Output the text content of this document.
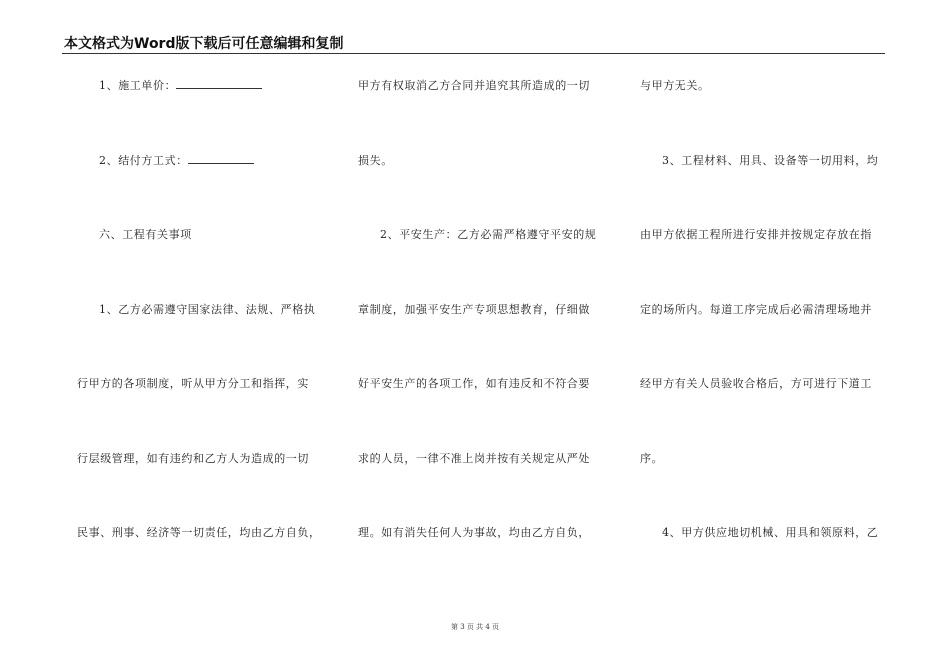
本文格式为Word版下载后可任意编辑和复制
1、施工单价：
2、结付方工式：
六、工程有关事项
1、乙方必需遵守国家法律、法规、严格执
行甲方的各项制度，听从甲方分工和指挥，实
行层级管理，如有违约和乙方人为造成的一切
民事、刑事、经济等一切责任，均由乙方自负，
甲方有权取消乙方合同并追究其所造成的一切
损失。
2、平安生产：乙方必需严格遵守平安的规
章制度，加强平安生产专项思想教育，仔细做
好平安生产的各项工作，如有违反和不符合要
求的人员，一律不准上岗并按有关规定从严处
理。如有消失任何人为事故，均由乙方自负，
与甲方无关。
3、工程材料、用具、设备等一切用料，均
由甲方依据工程所进行安排并按规定存放在指
定的场所内。每道工序完成后必需清理场地并
经甲方有关人员验收合格后，方可进行下道工
序。
4、甲方供应地切机械、用具和领原料，乙
第 3 页 共 4 页
